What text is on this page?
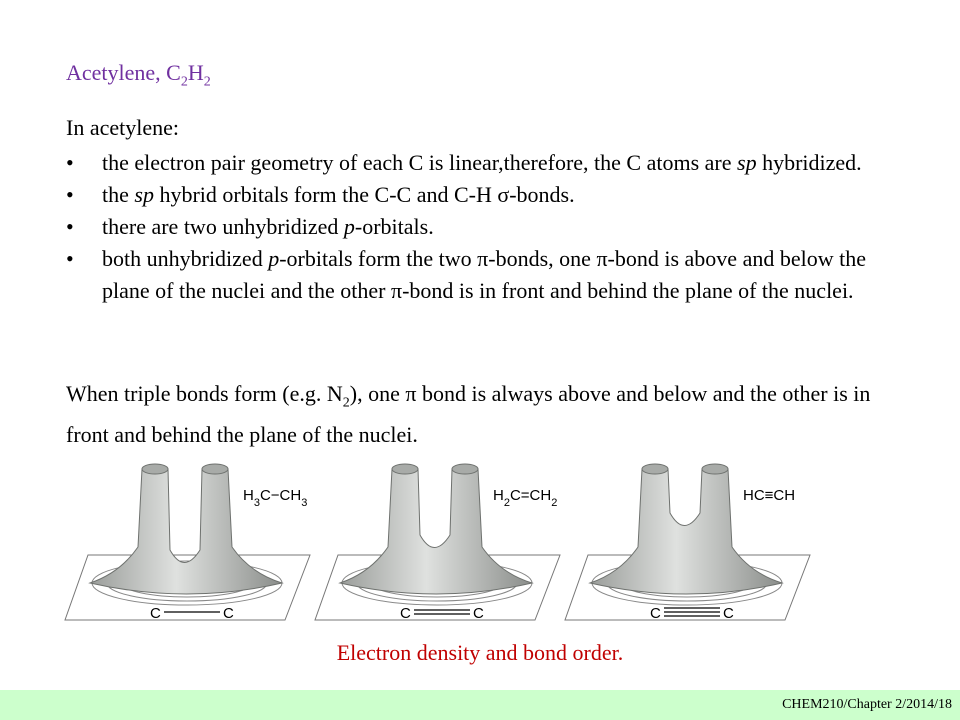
Acetylene, $C_2H_2$
In acetylene:
• the electron pair geometry of each C is linear,therefore, the C atoms are sp hybridized.
• the sp hybrid orbitals form the C-C and C-H σ-bonds.
• there are two unhybridized p-orbitals.
• both unhybridized p-orbitals form the two π-bonds, one π-bond is above and below the plane of the nuclei and the other π-bond is in front and behind the plane of the nuclei.
When triple bonds form (e.g. $N_2$), one π bond is always above and below and the other is in front and behind the plane of the nuclei.
C	C
$H_3C-CH_3$
C	C
$H_2C=CH_2$
C	C
HC≡CH
Electron density and bond order.
CHEM210/Chapter 2/2014/18
